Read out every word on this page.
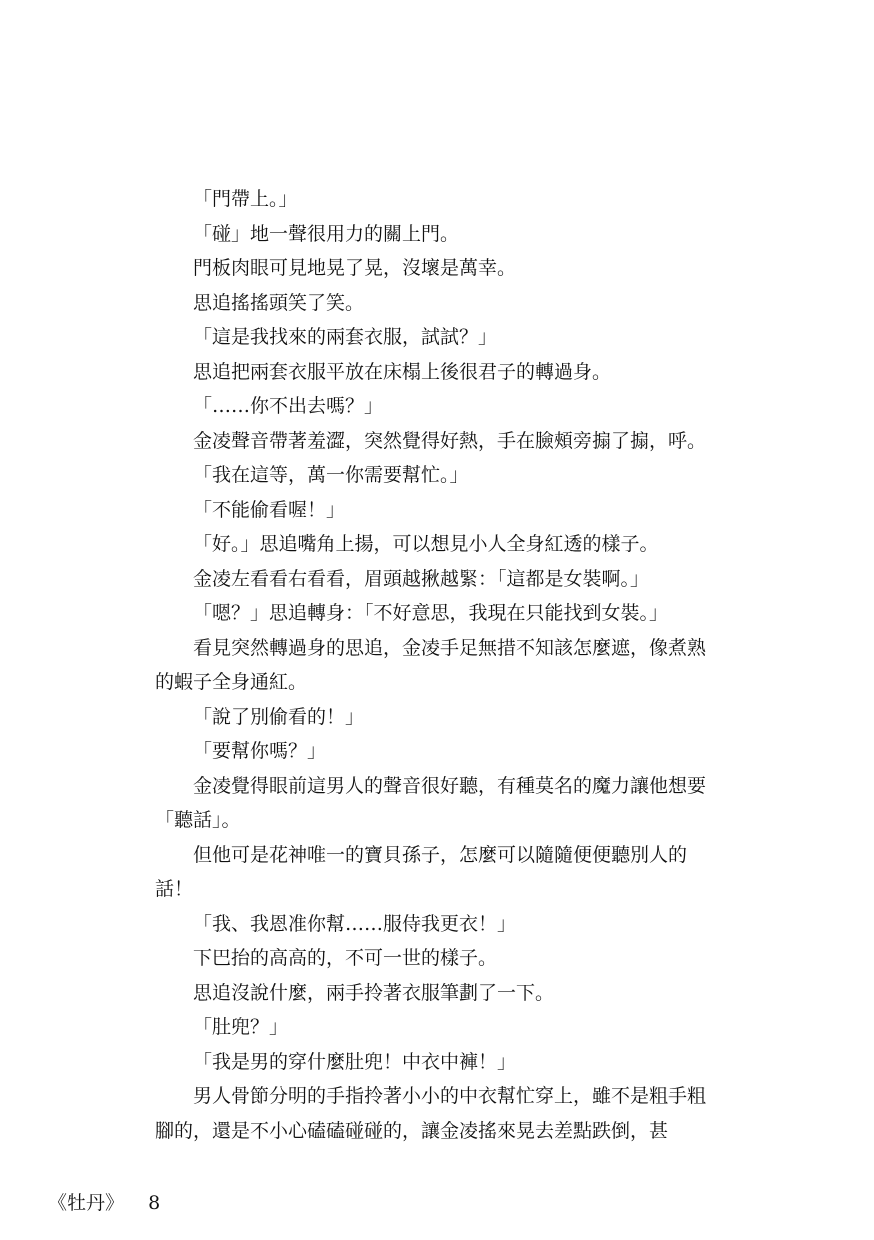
「門帶上。」

「碰」地一聲很用力的關上門。

門板肉眼可見地晃了晃，沒壞是萬幸。

思追搖搖頭笑了笑。

「這是我找來的兩套衣服，試試？」

思追把兩套衣服平放在床榻上後很君子的轉過身。

「……你不出去嗎？」

金凌聲音帶著羞澀，突然覺得好熱，手在臉頰旁搧了搧，呼。

「我在這等，萬一你需要幫忙。」

「不能偷看喔！」

「好。」思追嘴角上揚，可以想見小人全身紅透的樣子。

金凌左看看右看看，眉頭越揪越緊：「這都是女裝啊。」

「嗯？」思追轉身：「不好意思，我現在只能找到女裝。」

看見突然轉過身的思追，金凌手足無措不知該怎麼遮，像煮熟的蝦子全身通紅。

「說了別偷看的！」

「要幫你嗎？」

金凌覺得眼前這男人的聲音很好聽，有種莫名的魔力讓他想要「聽話」。

但他可是花神唯一的寶貝孫子，怎麼可以隨隨便便聽別人的話！

「我、我恩准你幫……服侍我更衣！」

下巴抬的高高的，不可一世的樣子。

思追沒說什麼，兩手拎著衣服筆劃了一下。

「肚兜？」

「我是男的穿什麼肚兜！中衣中褲！」

男人骨節分明的手指拎著小小的中衣幫忙穿上，雖不是粗手粗腳的，還是不小心磕磕碰碰的，讓金凌搖來晃去差點跌倒，甚

《牡丹》 8
